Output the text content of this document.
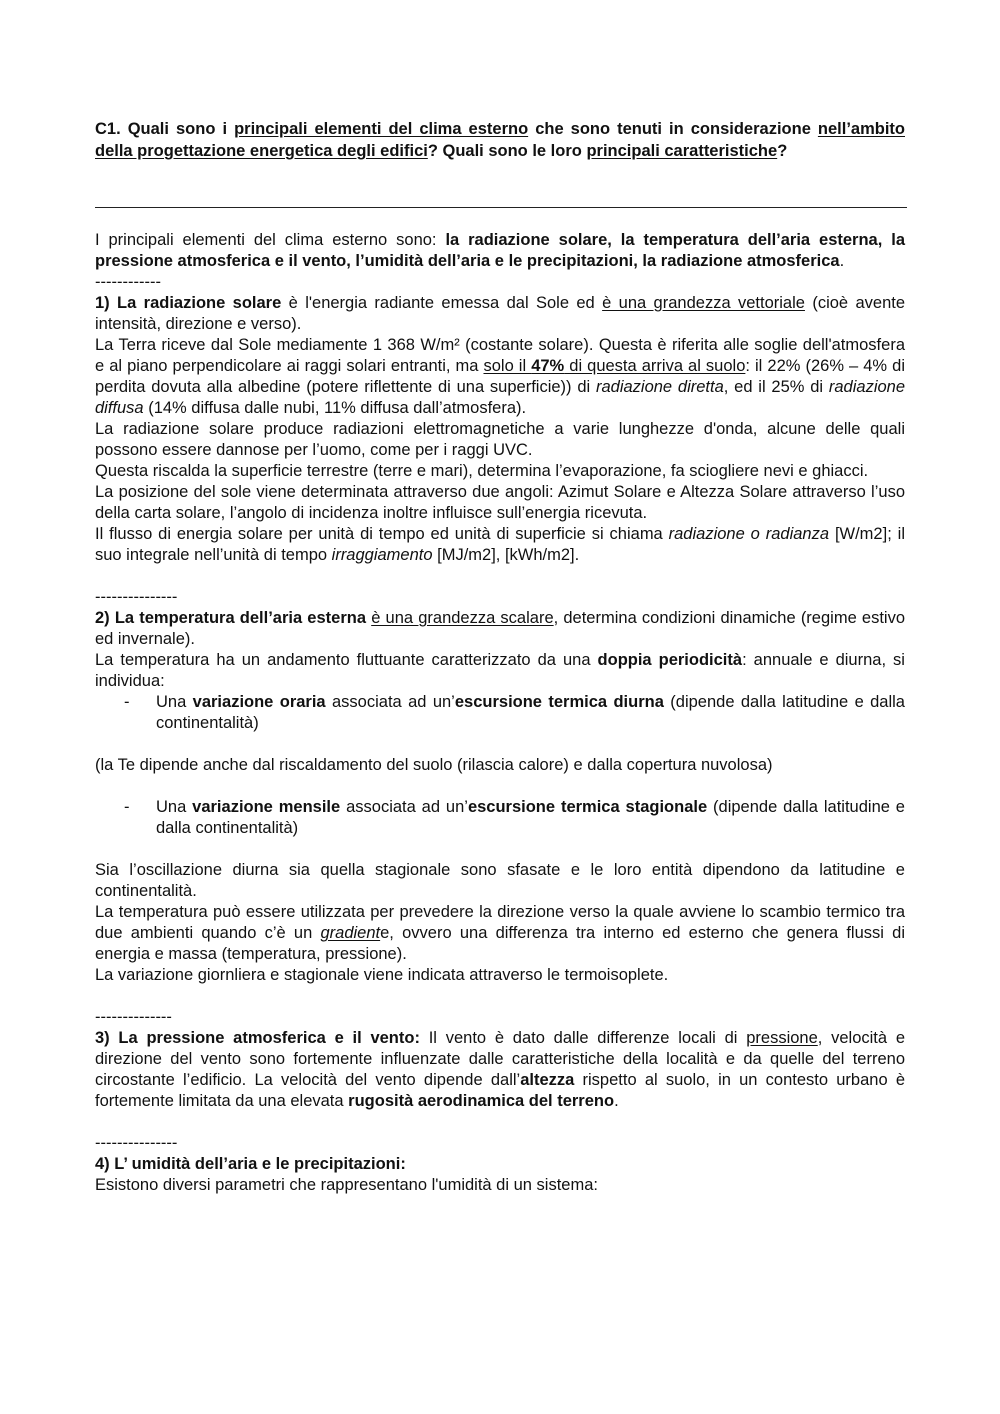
C1. Quali sono i principali elementi del clima esterno che sono tenuti in considerazione nell’ambito della progettazione energetica degli edifici? Quali sono le loro principali caratteristiche?

I principali elementi del clima esterno sono: la radiazione solare, la temperatura dell’aria esterna, la pressione atmosferica e il vento, l’umidità dell’aria e le precipitazioni, la radiazione atmosferica.

------------

1) La radiazione solare è l'energia radiante emessa dal Sole ed è una grandezza vettoriale (cioè avente intensità, direzione e verso).

La Terra riceve dal Sole mediamente 1 368 W/m² (costante solare). Questa è riferita alle soglie dell'atmosfera e al piano perpendicolare ai raggi solari entranti, ma solo il 47% di questa arriva al suolo: il 22% (26% – 4% di perdita dovuta alla albedine (potere riflettente di una superficie)) di radiazione diretta, ed il 25% di radiazione diffusa (14% diffusa dalle nubi, 11% diffusa dall’atmosfera).

La radiazione solare produce radiazioni elettromagnetiche a varie lunghezze d'onda, alcune delle quali possono essere dannose per l’uomo, come per i raggi UVC.

Questa riscalda la superficie terrestre (terre e mari), determina l’evaporazione, fa sciogliere nevi e ghiacci.

La posizione del sole viene determinata attraverso due angoli: Azimut Solare e Altezza Solare attraverso l’uso della carta solare, l’angolo di incidenza inoltre influisce sull’energia ricevuta.

Il flusso di energia solare per unità di tempo ed unità di superficie si chiama radiazione o radianza [W/m2]; il suo integrale nell’unità di tempo irraggiamento [MJ/m2], [kWh/m2].

---------------

2) La temperatura dell’aria esterna è una grandezza scalare, determina condizioni dinamiche (regime estivo ed invernale).

La temperatura ha un andamento fluttuante caratterizzato da una doppia periodicità: annuale e diurna, si individua:

-	Una variazione oraria associata ad un’escursione termica diurna (dipende dalla latitudine e dalla continentalità)

(la Te dipende anche dal riscaldamento del suolo (rilascia calore) e dalla copertura nuvolosa)

-	Una variazione mensile associata ad un’escursione termica stagionale (dipende dalla latitudine e dalla continentalità)

Sia l’oscillazione diurna sia quella stagionale sono sfasate e le loro entità dipendono da latitudine e continentalità.

La temperatura può essere utilizzata per prevedere la direzione verso la quale avviene lo scambio termico tra due ambienti quando c’è un gradiente, ovvero una differenza tra interno ed esterno che genera flussi di energia e massa (temperatura, pressione).

La variazione giornliera e stagionale viene indicata attraverso le termoisoplete.

--------------

3) La pressione atmosferica e il vento: Il vento è dato dalle differenze locali di pressione, velocità e direzione del vento sono fortemente influenzate dalle caratteristiche della località e da quelle del terreno circostante l’edificio. La velocità del vento dipende dall’altezza rispetto al suolo, in un contesto urbano è fortemente limitata da una elevata rugosità aerodinamica del terreno.

---------------

4) L’ umidità dell’aria e le precipitazioni:

Esistono diversi parametri che rappresentano l'umidità di un sistema:
